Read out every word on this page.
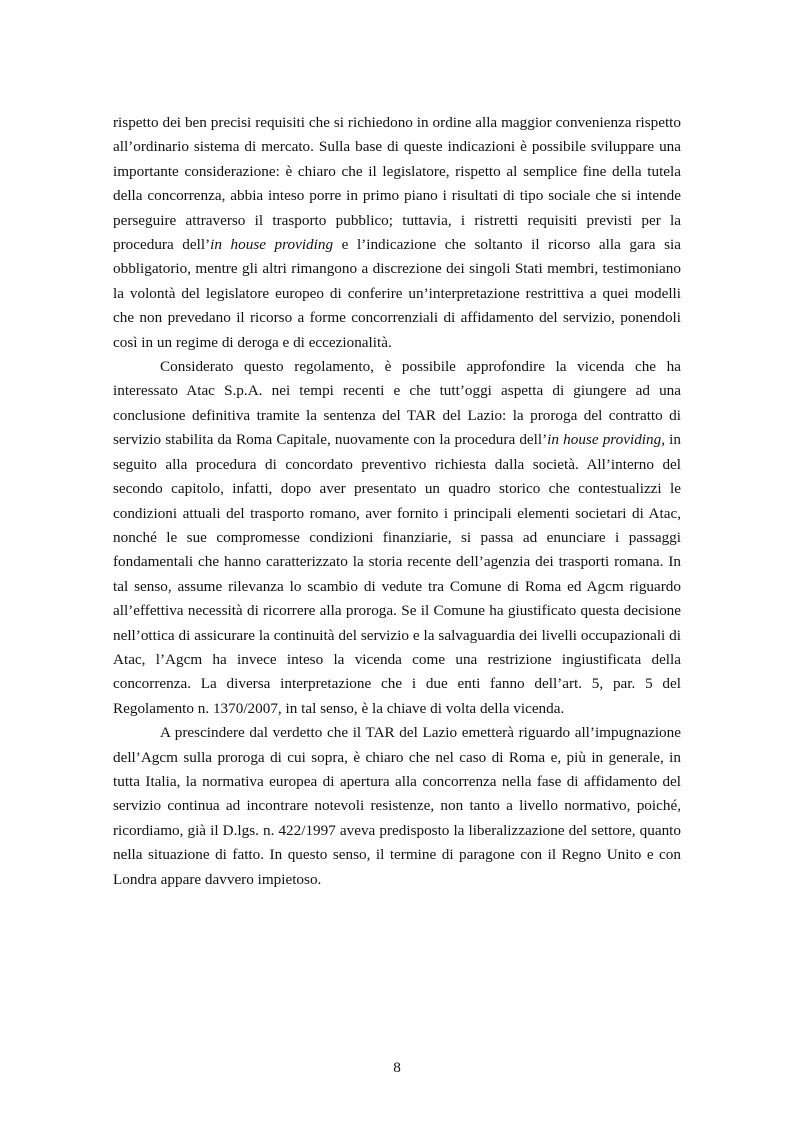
rispetto dei ben precisi requisiti che si richiedono in ordine alla maggior convenienza rispetto all’ordinario sistema di mercato. Sulla base di queste indicazioni è possibile sviluppare una importante considerazione: è chiaro che il legislatore, rispetto al semplice fine della tutela della concorrenza, abbia inteso porre in primo piano i risultati di tipo sociale che si intende perseguire attraverso il trasporto pubblico; tuttavia, i ristretti requisiti previsti per la procedura dell’in house providing e l’indicazione che soltanto il ricorso alla gara sia obbligatorio, mentre gli altri rimangono a discrezione dei singoli Stati membri, testimoniano la volontà del legislatore europeo di conferire un’interpretazione restrittiva a quei modelli che non prevedano il ricorso a forme concorrenziali di affidamento del servizio, ponendoli così in un regime di deroga e di eccezionalità.

Considerato questo regolamento, è possibile approfondire la vicenda che ha interessato Atac S.p.A. nei tempi recenti e che tutt’oggi aspetta di giungere ad una conclusione definitiva tramite la sentenza del TAR del Lazio: la proroga del contratto di servizio stabilita da Roma Capitale, nuovamente con la procedura dell’in house providing, in seguito alla procedura di concordato preventivo richiesta dalla società. All’interno del secondo capitolo, infatti, dopo aver presentato un quadro storico che contestualizzi le condizioni attuali del trasporto romano, aver fornito i principali elementi societari di Atac, nonché le sue compromesse condizioni finanziarie, si passa ad enunciare i passaggi fondamentali che hanno caratterizzato la storia recente dell’agenzia dei trasporti romana. In tal senso, assume rilevanza lo scambio di vedute tra Comune di Roma ed Agcm riguardo all’effettiva necessità di ricorrere alla proroga. Se il Comune ha giustificato questa decisione nell’ottica di assicurare la continuità del servizio e la salvaguardia dei livelli occupazionali di Atac, l’Agcm ha invece inteso la vicenda come una restrizione ingiustificata della concorrenza. La diversa interpretazione che i due enti fanno dell’art. 5, par. 5 del Regolamento n. 1370/2007, in tal senso, è la chiave di volta della vicenda.

A prescindere dal verdetto che il TAR del Lazio emetterà riguardo all’impugnazione dell’Agcm sulla proroga di cui sopra, è chiaro che nel caso di Roma e, più in generale, in tutta Italia, la normativa europea di apertura alla concorrenza nella fase di affidamento del servizio continua ad incontrare notevoli resistenze, non tanto a livello normativo, poiché, ricordiamo, già il D.lgs. n. 422/1997 aveva predisposto la liberalizzazione del settore, quanto nella situazione di fatto. In questo senso, il termine di paragone con il Regno Unito e con Londra appare davvero impietoso.

8
